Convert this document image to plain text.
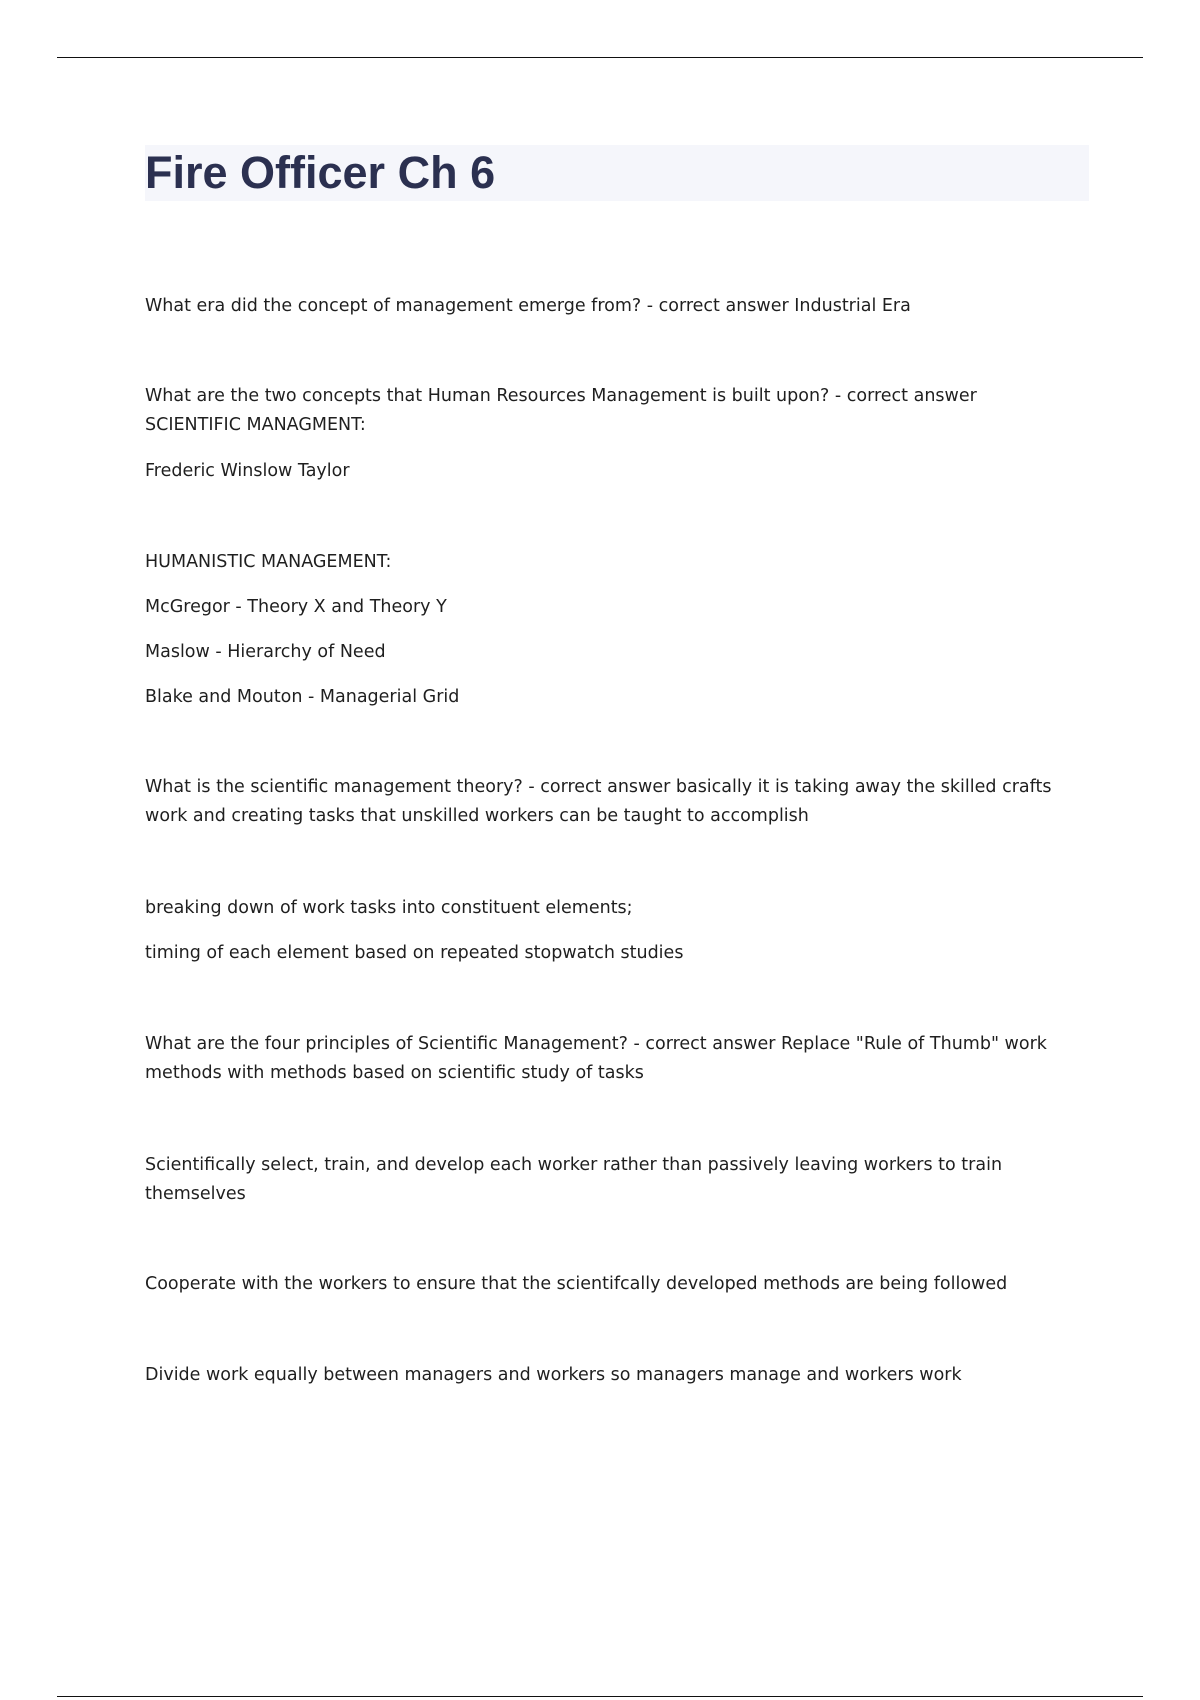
Fire Officer Ch 6

What era did the concept of management emerge from? - correct answer Industrial Era

What are the two concepts that Human Resources Management is built upon? - correct answer
SCIENTIFIC MANAGMENT:

Frederic Winslow Taylor

HUMANISTIC MANAGEMENT:

McGregor - Theory X and Theory Y

Maslow - Hierarchy of Need

Blake and Mouton - Managerial Grid

What is the scientific management theory? - correct answer basically it is taking away the skilled crafts
work and creating tasks that unskilled workers can be taught to accomplish

breaking down of work tasks into constituent elements;

timing of each element based on repeated stopwatch studies

What are the four principles of Scientific Management? - correct answer Replace "Rule of Thumb" work
methods with methods based on scientific study of tasks

Scientifically select, train, and develop each worker rather than passively leaving workers to train
themselves

Cooperate with the workers to ensure that the scientifcally developed methods are being followed

Divide work equally between managers and workers so managers manage and workers work
